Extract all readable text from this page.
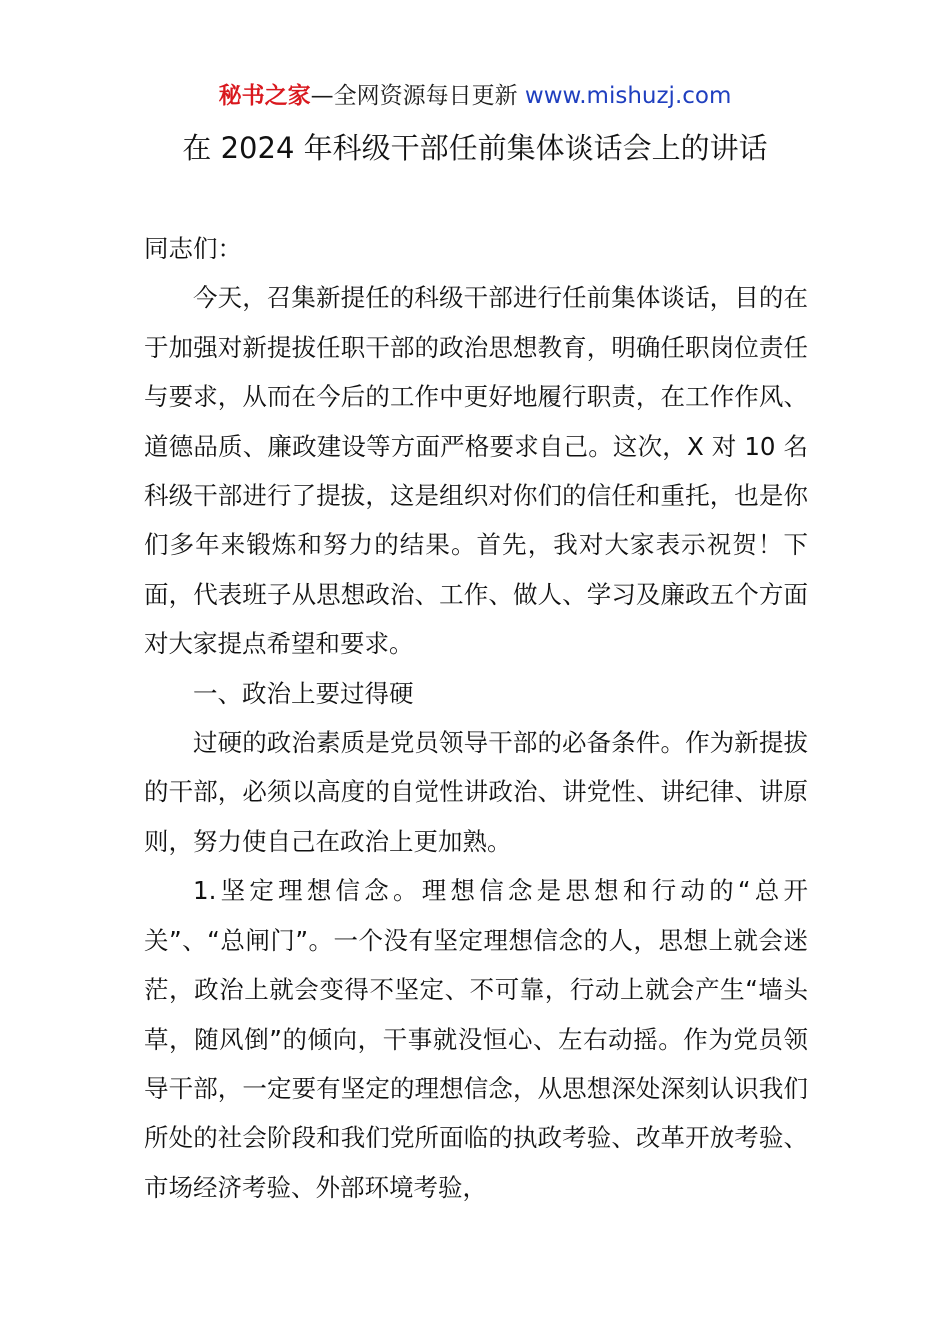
秘书之家—全网资源每日更新 www.mishuzj.com
在 2024 年科级干部任前集体谈话会上的讲话

同志们：

今天，召集新提任的科级干部进行任前集体谈话，目的在于加强对新提拔任职干部的政治思想教育，明确任职岗位责任与要求，从而在今后的工作中更好地履行职责，在工作作风、道德品质、廉政建设等方面严格要求自己。这次，X 对 10 名科级干部进行了提拔，这是组织对你们的信任和重托，也是你们多年来锻炼和努力的结果。首先，我对大家表示祝贺！下面，代表班子从思想政治、工作、做人、学习及廉政五个方面对大家提点希望和要求。

一、政治上要过得硬

过硬的政治素质是党员领导干部的必备条件。作为新提拔的干部，必须以高度的自觉性讲政治、讲党性、讲纪律、讲原则，努力使自己在政治上更加熟。

1.坚定理想信念。理想信念是思想和行动的“总开关”、“总闸门”。一个没有坚定理想信念的人，思想上就会迷茫，政治上就会变得不坚定、不可靠，行动上就会产生“墙头草，随风倒”的倾向，干事就没恒心、左右动摇。作为党员领导干部，一定要有坚定的理想信念，从思想深处深刻认识我们所处的社会阶段和我们党所面临的执政考验、改革开放考验、市场经济考验、外部环境考验，
